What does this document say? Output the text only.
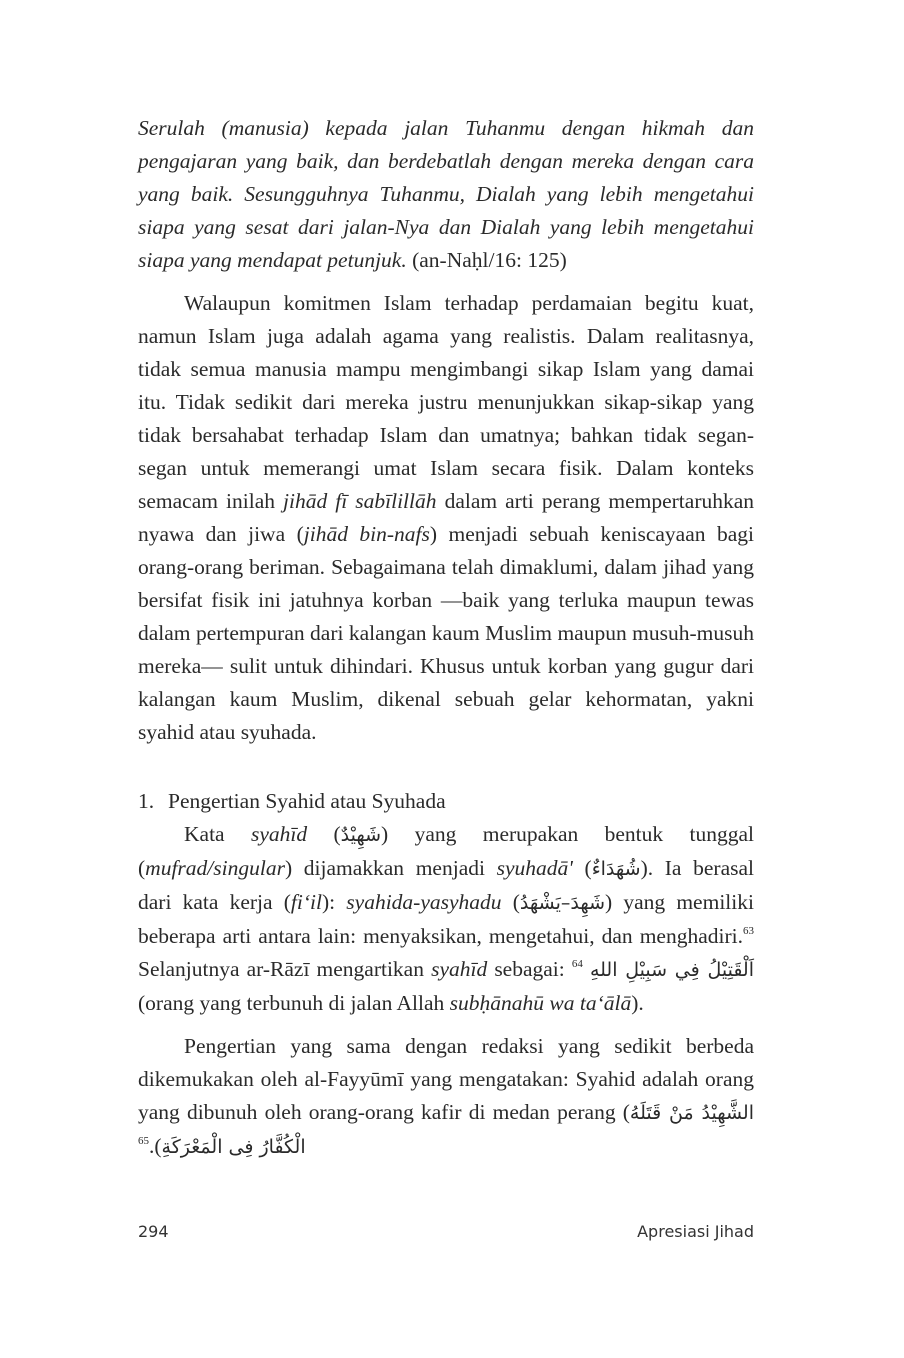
Serulah (manusia) kepada jalan Tuhanmu dengan hikmah dan pengajaran yang baik, dan berdebatlah dengan mereka dengan cara yang baik. Sesungguhnya Tuhanmu, Dialah yang lebih mengetahui siapa yang sesat dari jalan-Nya dan Dialah yang lebih mengetahui siapa yang mendapat petunjuk. (an-Naḥl/16: 125)

Walaupun komitmen Islam terhadap perdamaian begitu kuat, namun Islam juga adalah agama yang realistis. Dalam realitasnya, tidak semua manusia mampu mengimbangi sikap Islam yang damai itu. Tidak sedikit dari mereka justru menunjukkan sikap-sikap yang tidak bersahabat terhadap Islam dan umatnya; bahkan tidak segan-segan untuk memerangi umat Islam secara fisik. Dalam konteks semacam inilah jihād fī sabīlillāh dalam arti perang mempertaruhkan nyawa dan jiwa (jihād bin-nafs) menjadi sebuah keniscayaan bagi orang-orang beriman. Sebagaimana telah dimaklumi, dalam jihad yang bersifat fisik ini jatuhnya korban —baik yang terluka maupun tewas dalam pertempuran dari kalangan kaum Muslim maupun musuh-musuh mereka— sulit untuk dihindari. Khusus untuk korban yang gugur dari kalangan kaum Muslim, dikenal sebuah gelar kehormatan, yakni syahid atau syuhada.

1. Pengertian Syahid atau Syuhada

Kata syahīd (شَهِيْدٌ) yang merupakan bentuk tunggal (mufrad/singular) dijamakkan menjadi syuhadā' (شُهَدَاءٌ). Ia berasal dari kata kerja (fi‘il): syahida-yasyhadu (شَهِدَ–يَشْهَدُ) yang memiliki beberapa arti antara lain: menyaksikan, mengetahui, dan menghadiri.$^{63}$ Selanjutnya ar-Rāzī mengartikan syahīd sebagai: اَلْقَتِيْلُ فِي سَبِيْلِ اللهِ $^{64}$ (orang yang terbunuh di jalan Allah subḥānahū wa ta‘ālā).

Pengertian yang sama dengan redaksi yang sedikit berbeda dikemukakan oleh al-Fayyūmī yang mengatakan: Syahid adalah orang yang dibunuh oleh orang-orang kafir di medan perang (الشَّهِيْدُ مَنْ قَتَلَهُ الْكُفَّارُ فِى الْمَعْرَكَةِ).$^{65}$

294	Apresiasi Jihad
